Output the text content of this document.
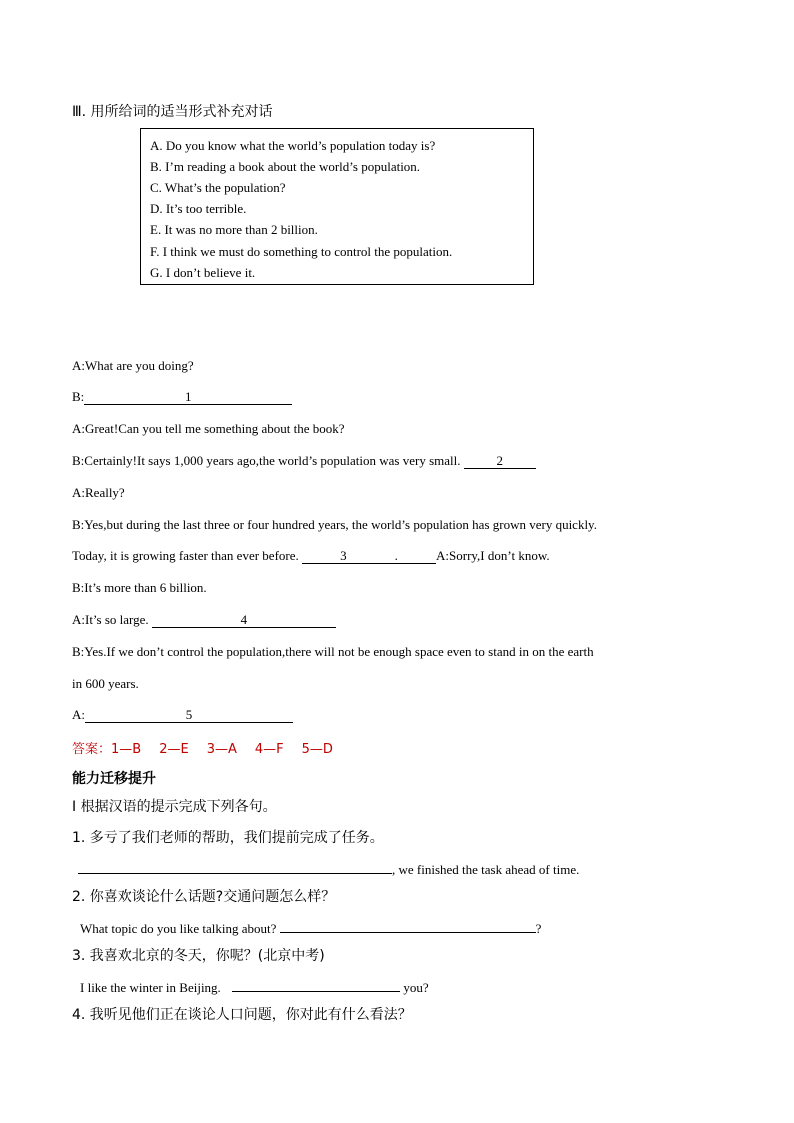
Ⅲ. 用所给词的适当形式补充对话
A. Do you know what the world’s population today is?
B. I’m reading a book about the world’s population.
C. What’s the population?
D. It’s too terrible.
E. It was no more than 2 billion.
F. I think we must do something to control the population.
G. I don’t believe it.
A:What are you doing?
B:	1
A:Great!Can you tell me something about the book?
B:Certainly!It says 1,000 years ago,the world’s population was very small.	2
A:Really?
B:Yes,but during the last three or four hundred years, the world’s population has grown very quickly.
Today, it is growing faster than ever before.	3	.	A:Sorry,I don’t know.
B:It’s more than 6 billion.
A:It’s so large.	4
B:Yes.If we don’t control the population,there will not be enough space even to stand in on the earth
in 600 years.
A:	5
答案：1—B 2—E 3—A 4—F 5—D
能力迁移提升
I 根据汉语的提示完成下列各句。
1. 多亏了我们老师的帮助，我们提前完成了任务。
, we finished the task ahead of time.
2. 你喜欢谈论什么话题?交通问题怎么样？
What topic do you like talking about?	?
3. 我喜欢北京的冬天，你呢？(北京中考)
I like the winter in Beijing.	you?
4. 我听见他们正在谈论人口问题，你对此有什么看法？
